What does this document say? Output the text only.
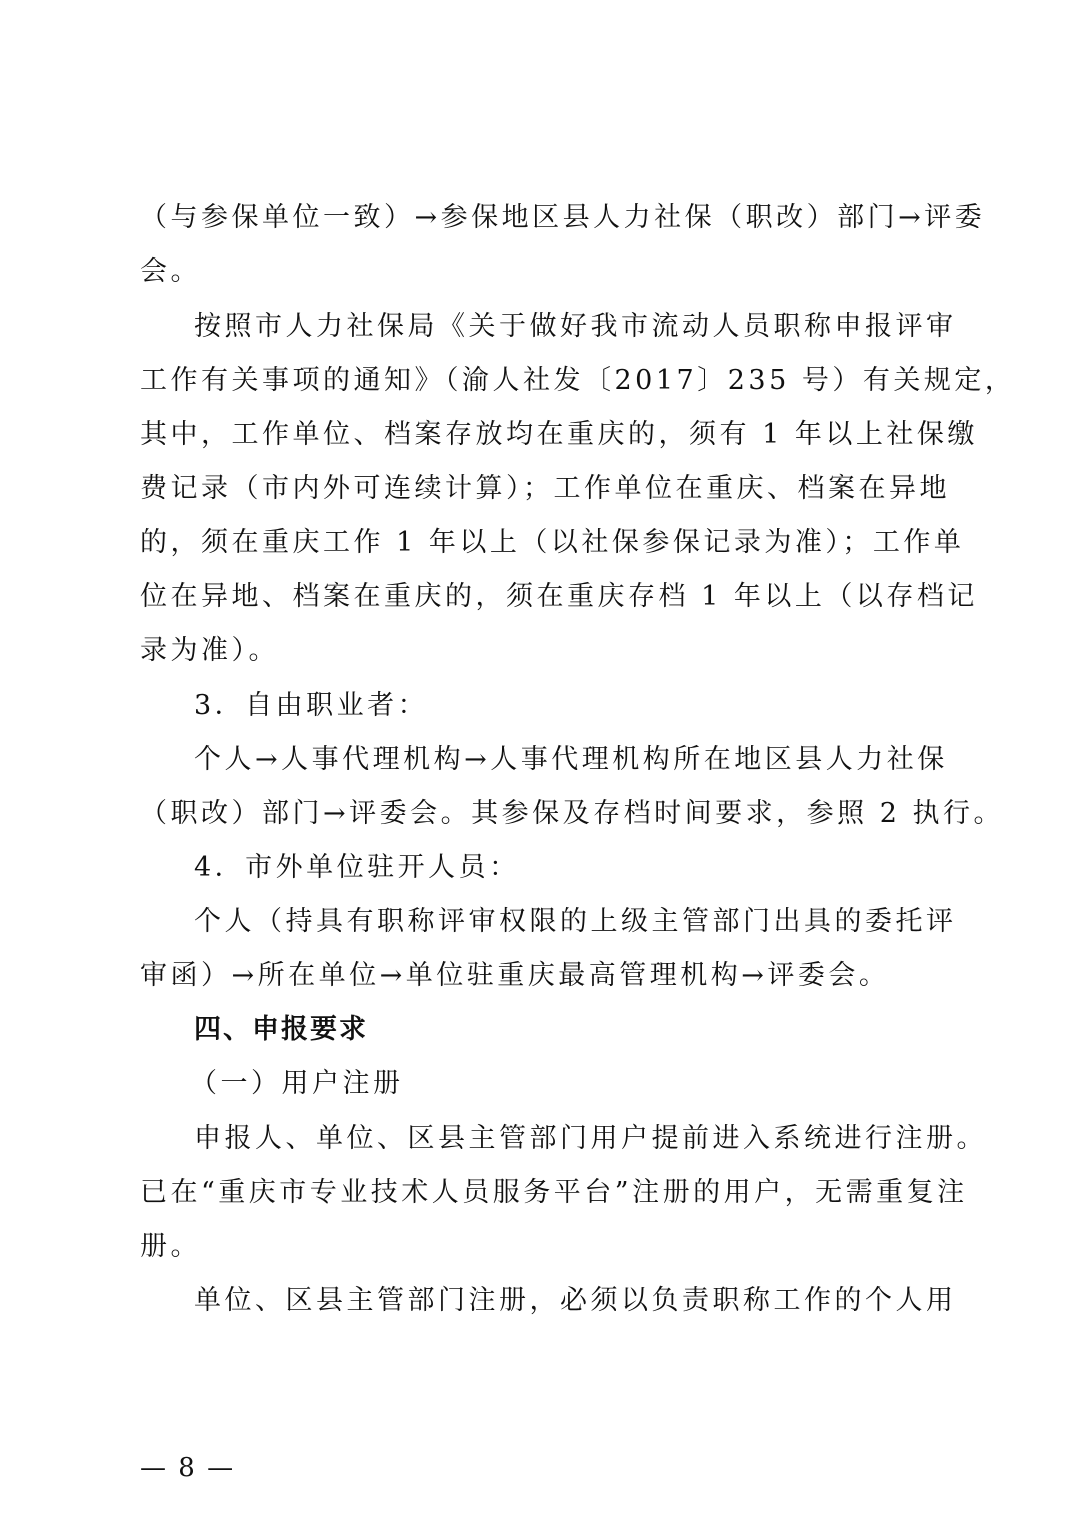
（与参保单位一致）→参保地区县人力社保（职改）部门→评委
会。
按照市人力社保局《关于做好我市流动人员职称申报评审
工作有关事项的通知》（渝人社发〔2017〕235 号）有关规定，
其中，工作单位、档案存放均在重庆的，须有 1 年以上社保缴
费记录（市内外可连续计算）；工作单位在重庆、档案在异地
的，须在重庆工作 1 年以上（以社保参保记录为准）；工作单
位在异地、档案在重庆的，须在重庆存档 1 年以上（以存档记
录为准）。
3．自由职业者：
个人→人事代理机构→人事代理机构所在地区县人力社保
（职改）部门→评委会。其参保及存档时间要求，参照 2 执行。
4．市外单位驻开人员：
个人（持具有职称评审权限的上级主管部门出具的委托评
审函）→所在单位→单位驻重庆最高管理机构→评委会。
四、申报要求
（一）用户注册
申报人、单位、区县主管部门用户提前进入系统进行注册。
已在“重庆市专业技术人员服务平台”注册的用户，无需重复注
册。
单位、区县主管部门注册，必须以负责职称工作的个人用
— 8 —
